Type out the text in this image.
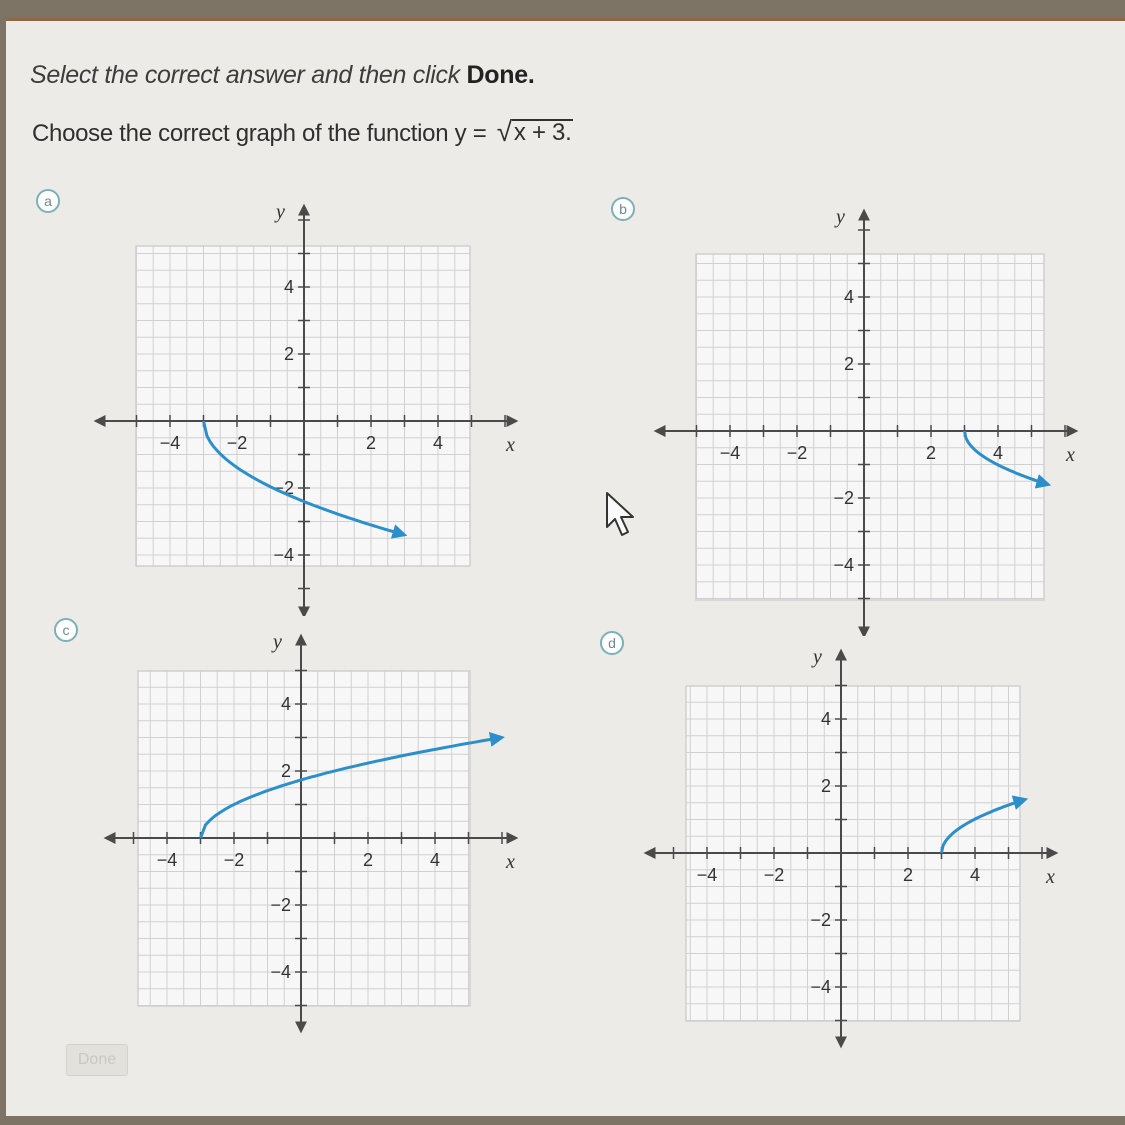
Select the correct answer and then click Done.
Choose the correct graph of the function y = √ x + 3.
a	b
c
d
−4	−2	2	4
4
2
−2
−4
x
y
−4	−2	2	4
4
2
−2
−4
x
y
−4	−2	2	4
4
2
−2
−4
x
y
−4	−2	2	4
4
2
−2
−4
x
y
Done
